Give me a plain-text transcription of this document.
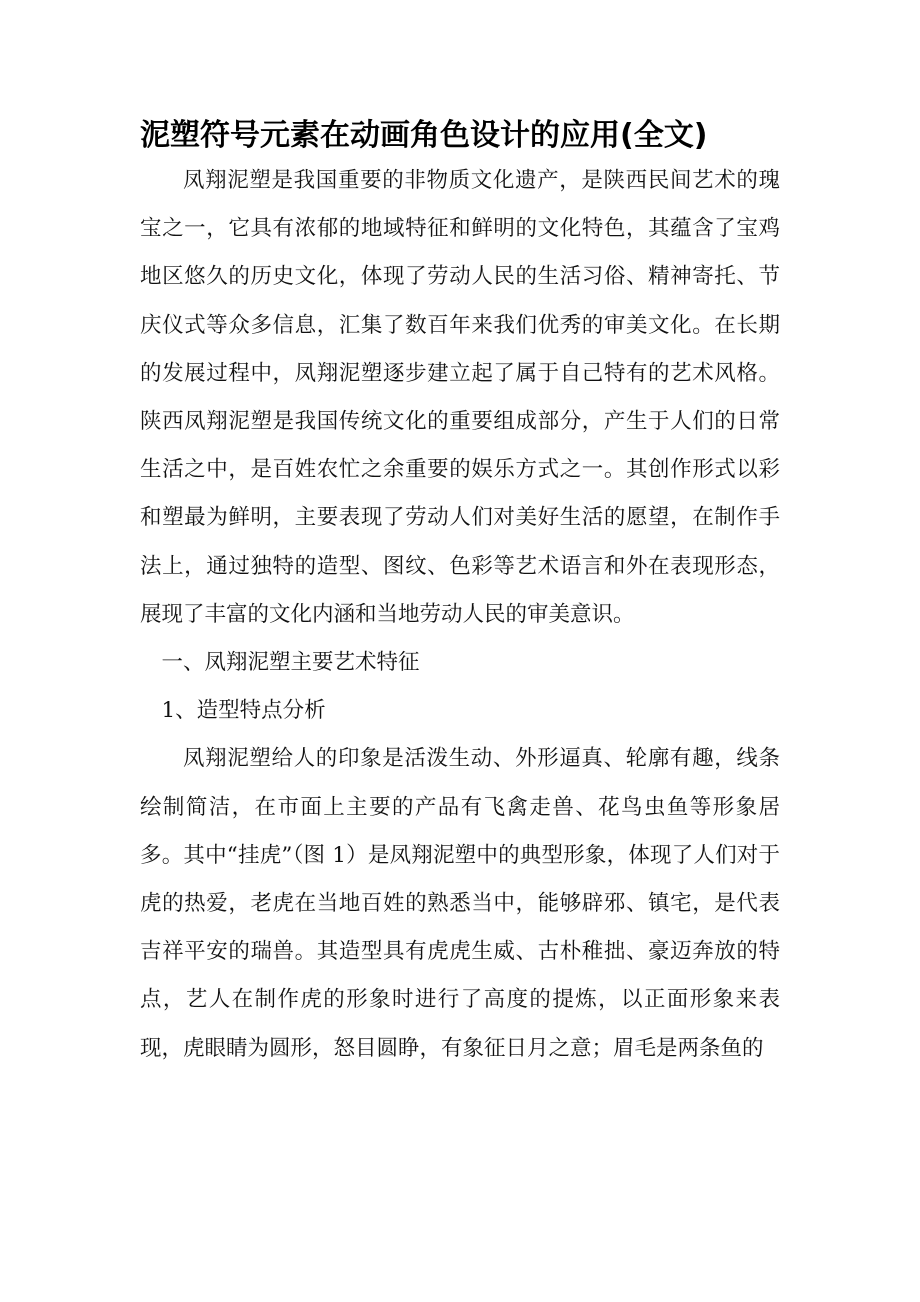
泥塑符号元素在动画角色设计的应用(全文)

凤翔泥塑是我国重要的非物质文化遗产，是陕西民间艺术的瑰宝之一，它具有浓郁的地域特征和鲜明的文化特色，其蕴含了宝鸡地区悠久的历史文化，体现了劳动人民的生活习俗、精神寄托、节庆仪式等众多信息，汇集了数百年来我们优秀的审美文化。在长期的发展过程中，凤翔泥塑逐步建立起了属于自己特有的艺术风格。陕西凤翔泥塑是我国传统文化的重要组成部分，产生于人们的日常生活之中，是百姓农忙之余重要的娱乐方式之一。其创作形式以彩和塑最为鲜明，主要表现了劳动人们对美好生活的愿望，在制作手法上，通过独特的造型、图纹、色彩等艺术语言和外在表现形态，展现了丰富的文化内涵和当地劳动人民的审美意识。

一、凤翔泥塑主要艺术特征

1、造型特点分析

凤翔泥塑给人的印象是活泼生动、外形逼真、轮廓有趣，线条绘制简洁，在市面上主要的产品有飞禽走兽、花鸟虫鱼等形象居多。其中“挂虎”（图 1）是凤翔泥塑中的典型形象，体现了人们对于虎的热爱，老虎在当地百姓的熟悉当中，能够辟邪、镇宅，是代表吉祥平安的瑞兽。其造型具有虎虎生威、古朴稚拙、豪迈奔放的特点，艺人在制作虎的形象时进行了高度的提炼，以正面形象来表现，虎眼睛为圆形，怒目圆睁，有象征日月之意；眉毛是两条鱼的
